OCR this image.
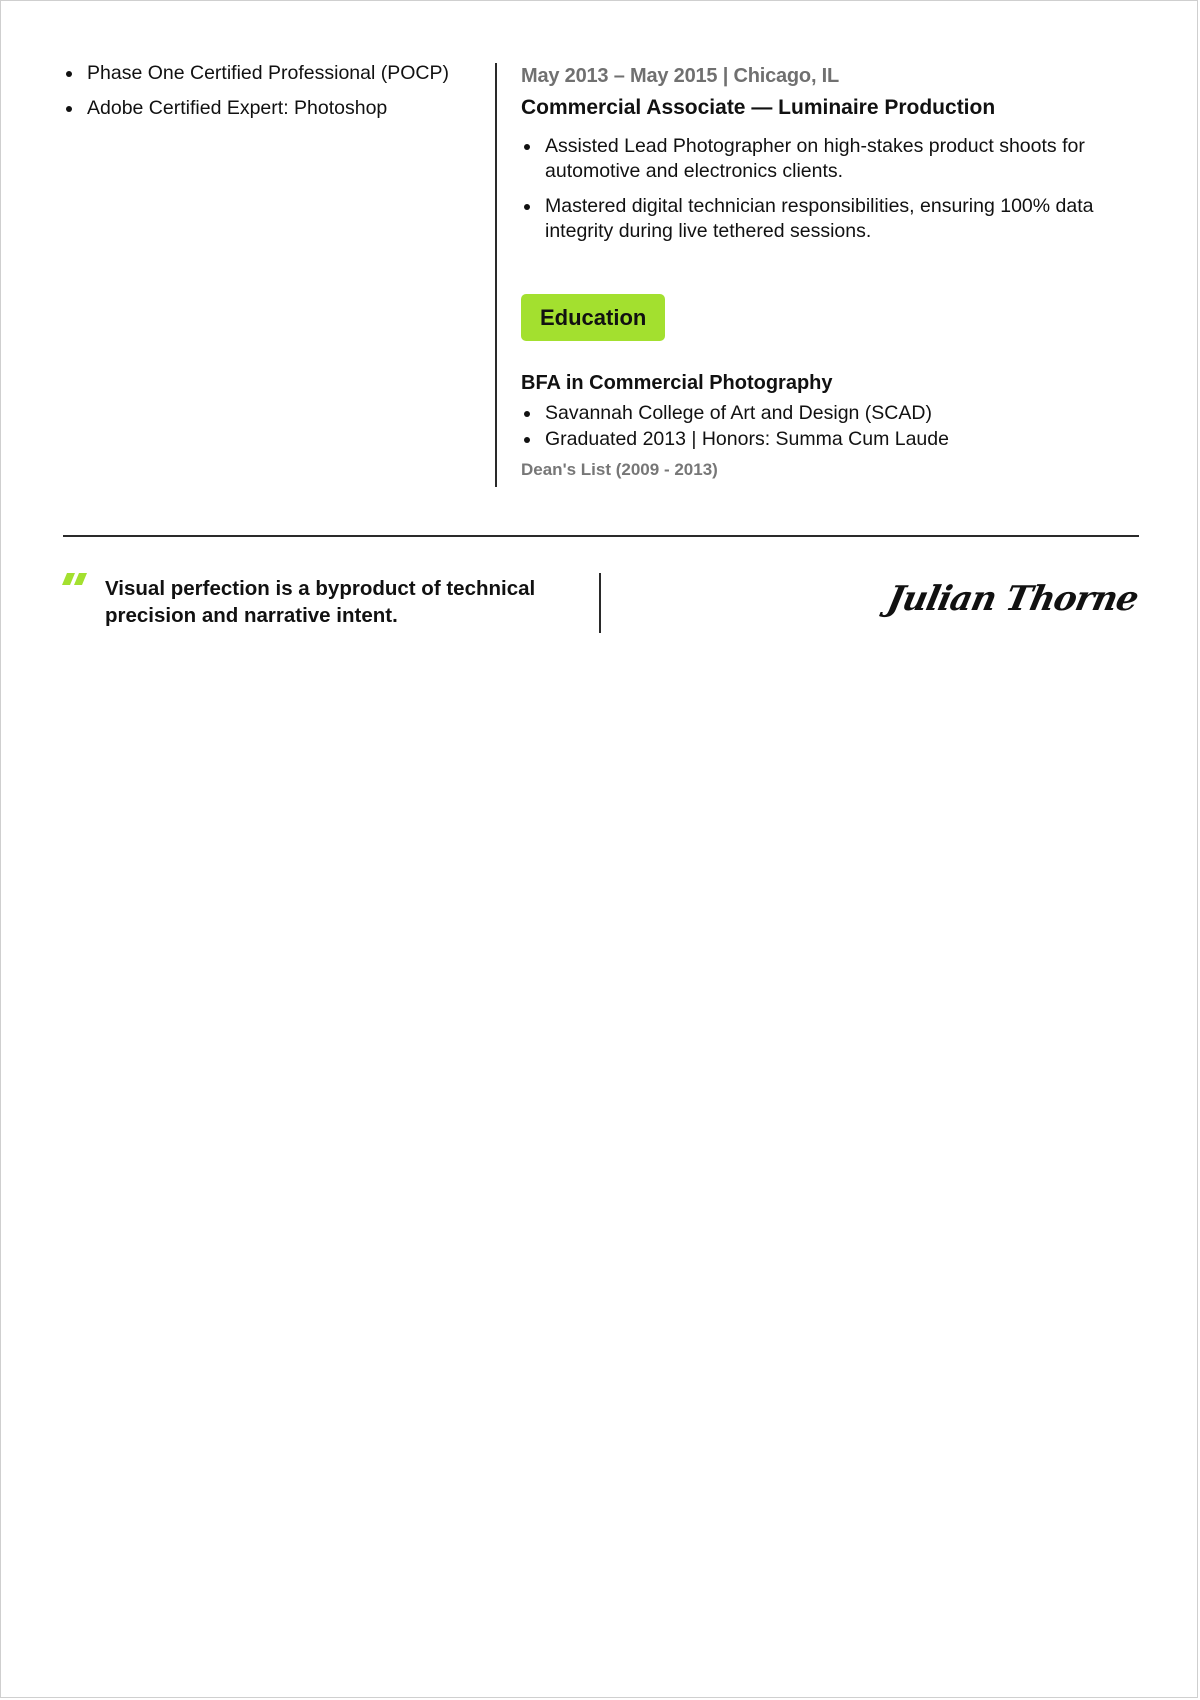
Phase One Certified Professional (POCP)
Adobe Certified Expert: Photoshop
May 2013 – May 2015 | Chicago, IL
Commercial Associate — Luminaire Production
Assisted Lead Photographer on high-stakes product shoots for automotive and electronics clients.
Mastered digital technician responsibilities, ensuring 100% data integrity during live tethered sessions.
Education
BFA in Commercial Photography
Savannah College of Art and Design (SCAD)
Graduated 2013 | Honors: Summa Cum Laude
Dean's List (2009 - 2013)
Visual perfection is a byproduct of technical precision and narrative intent.	Julian Thorne
